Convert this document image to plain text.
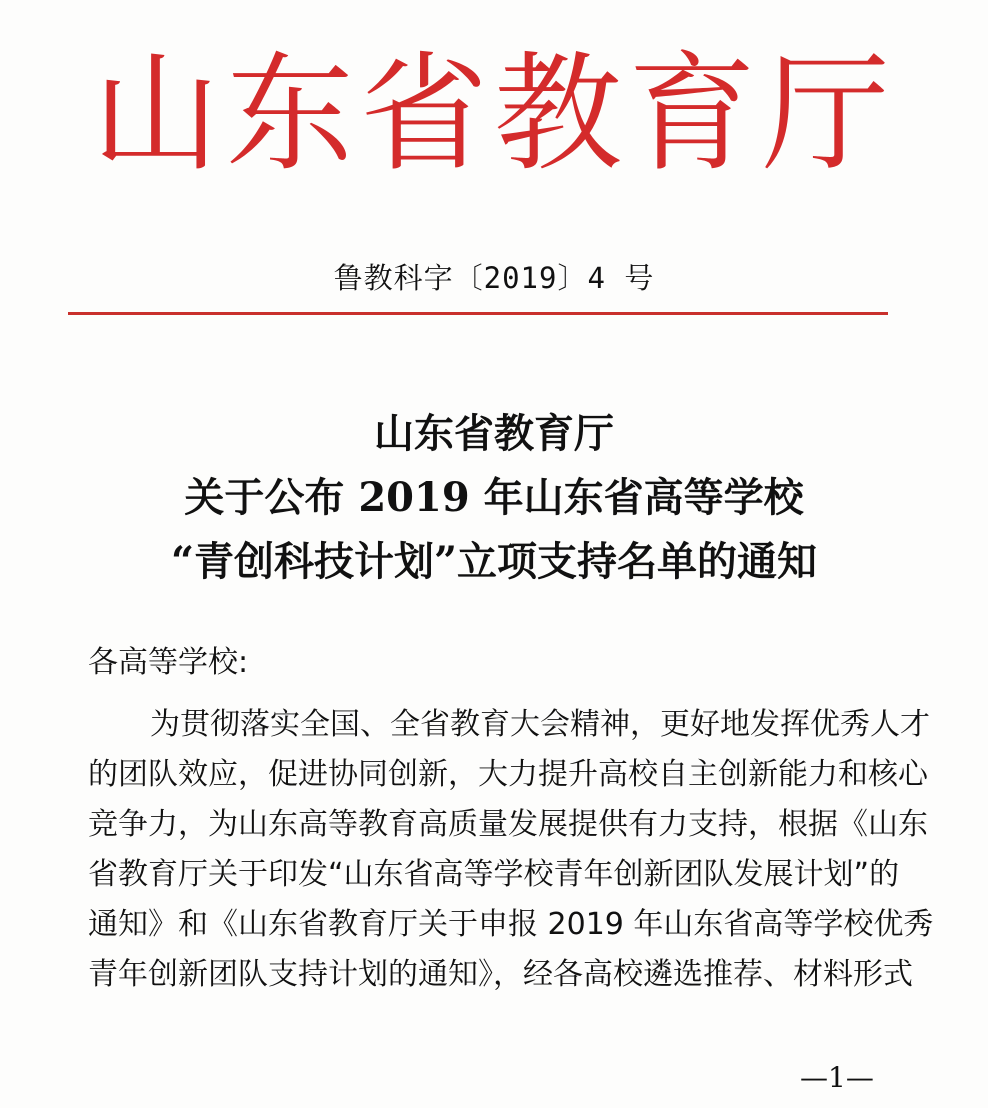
山东省教育厅
鲁教科字〔2019〕4 号
山东省教育厅
关于公布 2019 年山东省高等学校
“青创科技计划”立项支持名单的通知
各高等学校:
为贯彻落实全国、全省教育大会精神，更好地发挥优秀人才
的团队效应，促进协同创新，大力提升高校自主创新能力和核心
竞争力，为山东高等教育高质量发展提供有力支持，根据《山东
省教育厅关于印发“山东省高等学校青年创新团队发展计划”的
通知》和《山东省教育厅关于申报 2019 年山东省高等学校优秀
青年创新团队支持计划的通知》，经各高校遴选推荐、材料形式
—1—
